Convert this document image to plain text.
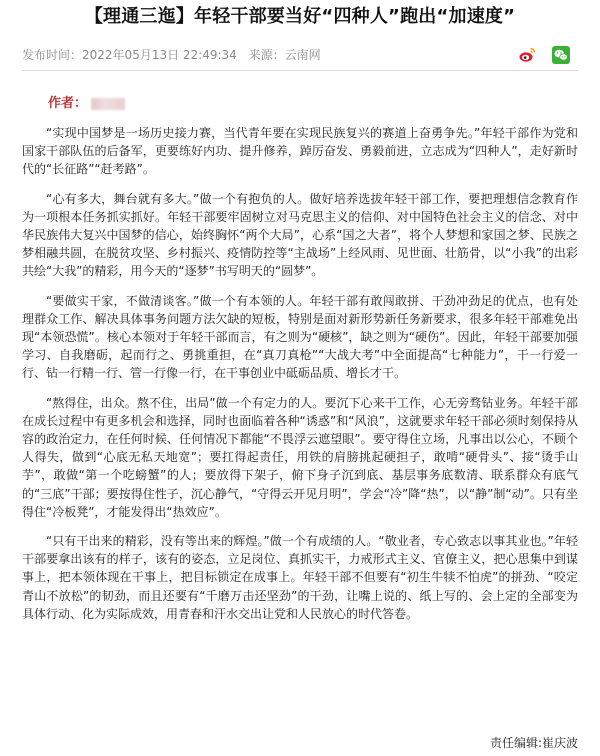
【理通三迤】年轻干部要当好“四种人”跑出“加速度”
发布时间：2022年05月13日 22:49:34 来源：云南网
作者：

“实现中国梦是一场历史接力赛，当代青年要在实现民族复兴的赛道上奋勇争先。”年轻干部作为党和国家干部队伍的后备军，更要练好内功、提升修养，踔厉奋发、勇毅前进，立志成为“四种人”，走好新时代的“长征路”“赶考路”。

“心有多大，舞台就有多大。”做一个有抱负的人。做好培养选拔年轻干部工作，要把理想信念教育作为一项根本任务抓实抓好。年轻干部要牢固树立对马克思主义的信仰、对中国特色社会主义的信念、对中华民族伟大复兴中国梦的信心，始终胸怀“两个大局”，心系“国之大者”，将个人梦想和家国之梦、民族之梦相融共圆，在脱贫攻坚、乡村振兴、疫情防控等“主战场”上经风雨、见世面、壮筋骨，以“小我”的出彩共绘“大我”的精彩，用今天的“逐梦”书写明天的“圆梦”。

“要做实干家，不做清谈客。”做一个有本领的人。年轻干部有敢闯敢拼、干劲冲劲足的优点，也有处理群众工作、解决具体事务问题方法欠缺的短板，特别是面对新形势新任务新要求，很多年轻干部难免出现“本领恐慌”。核心本领对于年轻干部而言，有之则为“硬核”，缺之则为“硬伤”。因此，年轻干部要加强学习、自我磨砺，起而行之、勇挑重担，在“真刀真枪”“大战大考”中全面提高“七种能力”，干一行爱一行、钻一行精一行、管一行像一行，在干事创业中砥砺品质、增长才干。

“熬得住，出众。熬不住，出局”做一个有定力的人。要沉下心来干工作，心无旁骛钻业务。年轻干部在成长过程中有更多机会和选择，同时也面临着各种“诱惑”和“风浪”，这就要求年轻干部必须时刻保持从容的政治定力，在任何时候、任何情况下都能“不畏浮云遮望眼”。要守得住立场，凡事出以公心，不顾个人得失，做到“心底无私天地宽”；要扛得起责任，用铁的肩膀挑起硬担子，敢啃“硬骨头”、接“烫手山芋”，敢做“第一个吃螃蟹”的人；要放得下架子，俯下身子沉到底、基层事务底数清、联系群众有底气的“三底”干部；要按得住性子，沉心静气，“守得云开见月明”，学会“冷”降“热”，以“静”制“动”。只有坐得住“冷板凳”，才能发得出“热效应”。

“只有干出来的精彩，没有等出来的辉煌。”做一个有成绩的人。“敬业者，专心致志以事其业也。”年轻干部要拿出该有的样子，该有的姿态，立足岗位、真抓实干，力戒形式主义、官僚主义，把心思集中到谋事上，把本领体现在干事上，把目标锁定在成事上。年轻干部不但要有“初生牛犊不怕虎”的拼劲、“咬定青山不放松”的韧劲，而且还要有“千磨万击还坚劲”的干劲，让嘴上说的、纸上写的、会上定的全部变为具体行动、化为实际成效，用青春和汗水交出让党和人民放心的时代答卷。

责任编辑:崔庆波
